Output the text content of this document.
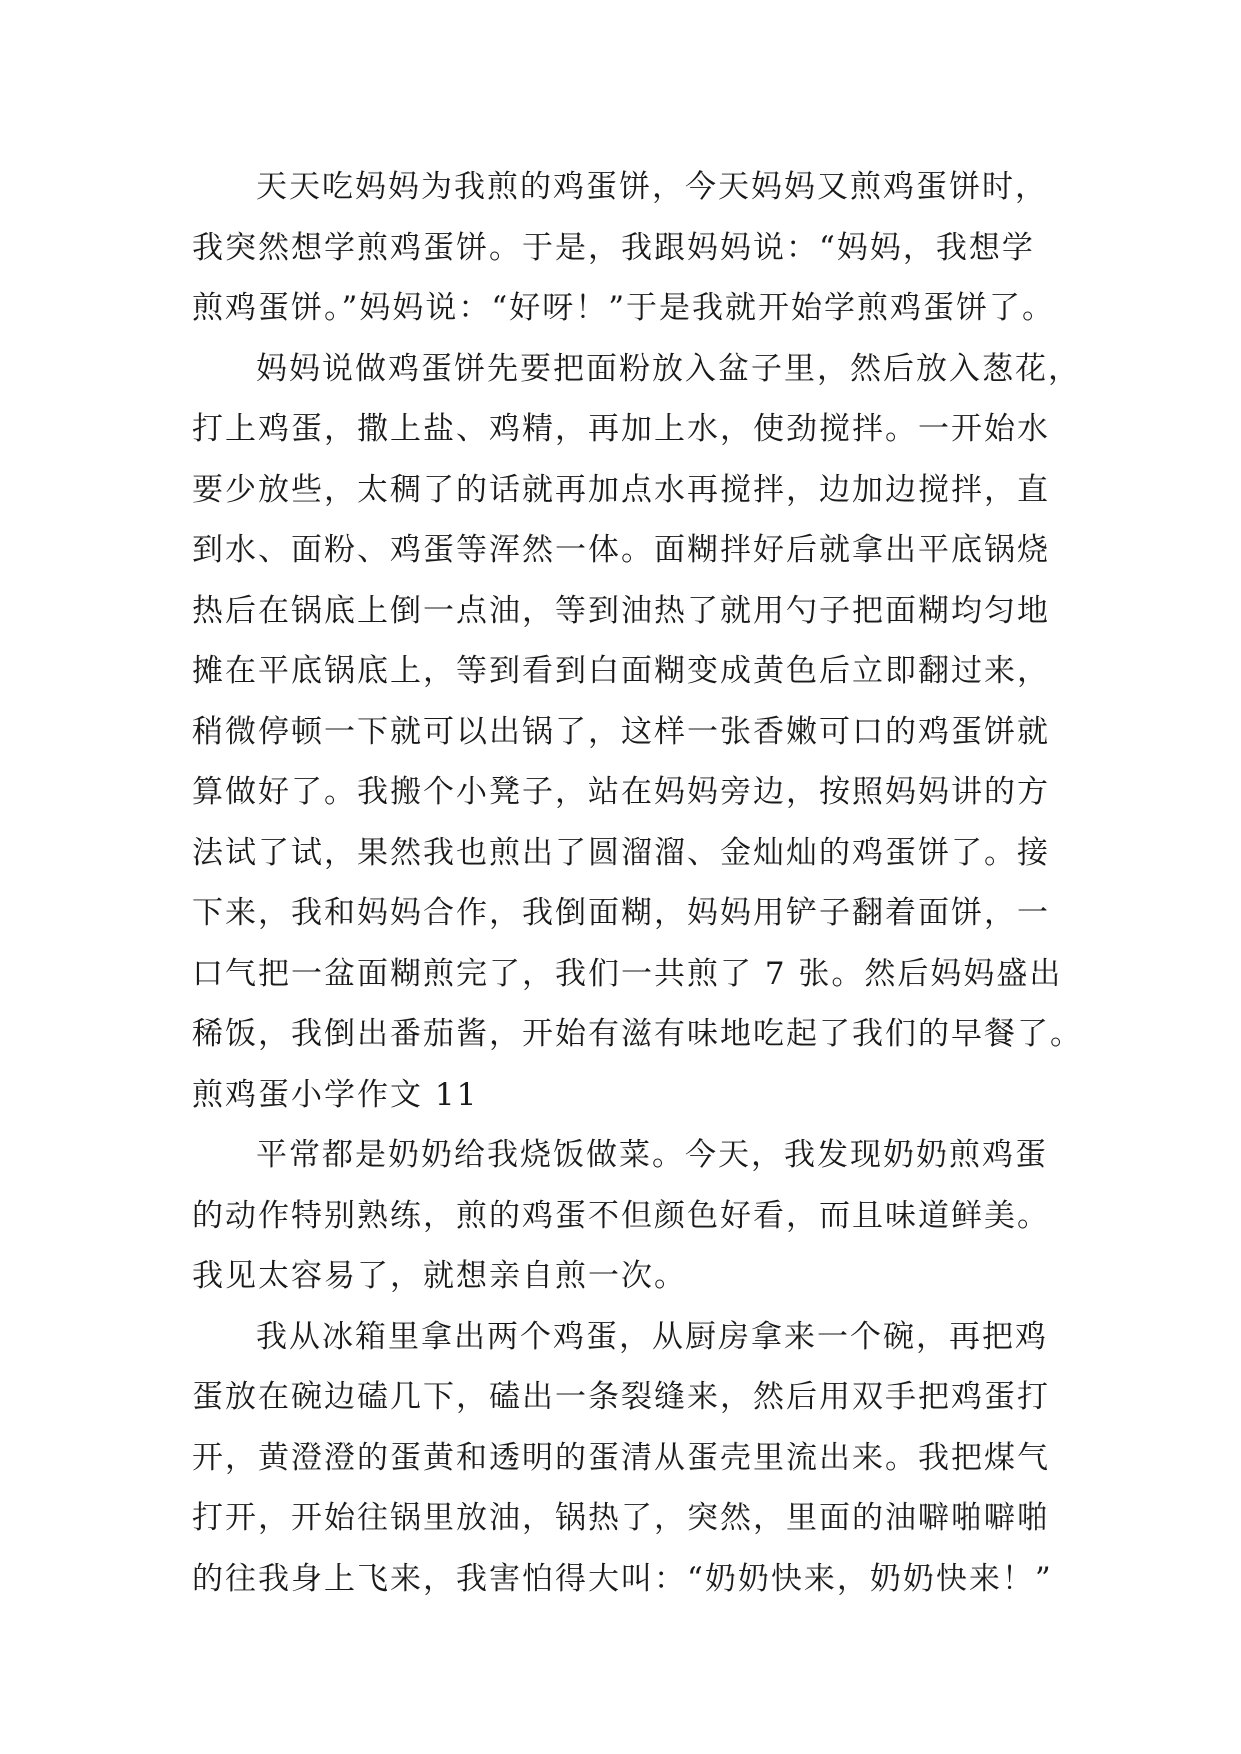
天天吃妈妈为我煎的鸡蛋饼，今天妈妈又煎鸡蛋饼时，
我突然想学煎鸡蛋饼。于是，我跟妈妈说：“妈妈，我想学
煎鸡蛋饼。”妈妈说：“好呀！”于是我就开始学煎鸡蛋饼了。
妈妈说做鸡蛋饼先要把面粉放入盆子里，然后放入葱花，
打上鸡蛋，撒上盐、鸡精，再加上水，使劲搅拌。一开始水
要少放些，太稠了的话就再加点水再搅拌，边加边搅拌，直
到水、面粉、鸡蛋等浑然一体。面糊拌好后就拿出平底锅烧
热后在锅底上倒一点油，等到油热了就用勺子把面糊均匀地
摊在平底锅底上，等到看到白面糊变成黄色后立即翻过来，
稍微停顿一下就可以出锅了，这样一张香嫩可口的鸡蛋饼就
算做好了。我搬个小凳子，站在妈妈旁边，按照妈妈讲的方
法试了试，果然我也煎出了圆溜溜、金灿灿的鸡蛋饼了。接
下来，我和妈妈合作，我倒面糊，妈妈用铲子翻着面饼，一
口气把一盆面糊煎完了，我们一共煎了 7 张。然后妈妈盛出
稀饭，我倒出番茄酱，开始有滋有味地吃起了我们的早餐了。
煎鸡蛋小学作文 11
平常都是奶奶给我烧饭做菜。今天，我发现奶奶煎鸡蛋
的动作特别熟练，煎的鸡蛋不但颜色好看，而且味道鲜美。
我见太容易了，就想亲自煎一次。
我从冰箱里拿出两个鸡蛋，从厨房拿来一个碗，再把鸡
蛋放在碗边磕几下，磕出一条裂缝来，然后用双手把鸡蛋打
开，黄澄澄的蛋黄和透明的蛋清从蛋壳里流出来。我把煤气
打开，开始往锅里放油，锅热了，突然，里面的油噼啪噼啪
的往我身上飞来，我害怕得大叫：“奶奶快来，奶奶快来！”
